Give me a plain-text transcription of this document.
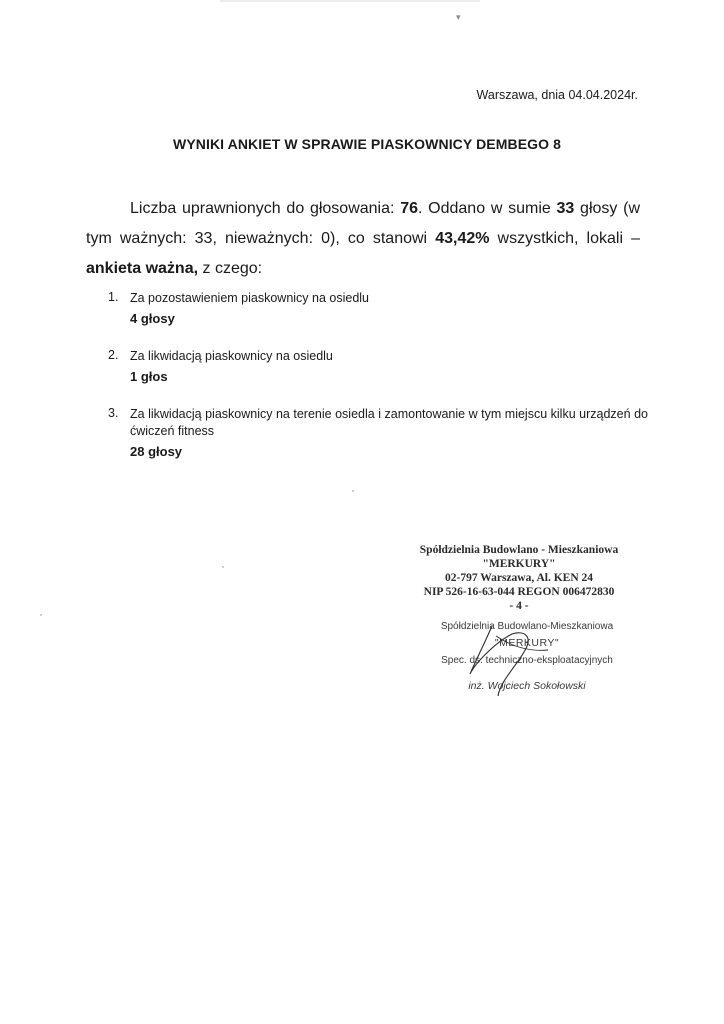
▾
Warszawa, dnia 04.04.2024r.
WYNIKI ANKIET W SPRAWIE PIASKOWNICY DEMBEGO 8
Liczba uprawnionych do głosowania: 76. Oddano w sumie 33 głosy (w tym ważnych: 33, nieważnych: 0), co stanowi 43,42% wszystkich, lokali – ankieta ważna, z czego:
1. Za pozostawieniem piaskownicy na osiedlu
4 głosy
2. Za likwidacją piaskownicy na osiedlu
1 głos
3. Za likwidacją piaskownicy na terenie osiedla i zamontowanie w tym miejscu kilku urządzeń do ćwiczeń fitness
28 głosy
Spółdzielnia Budowlano - Mieszkaniowa
"MERKURY"
02-797 Warszawa, Al. KEN 24
NIP 526-16-63-044 REGON 006472830
- 4 -
Spółdzielnia Budowlano-Mieszkaniowa
"MERKURY"
Spec. ds. techniczno-eksploatacyjnych
inż. Wojciech Sokołowski
